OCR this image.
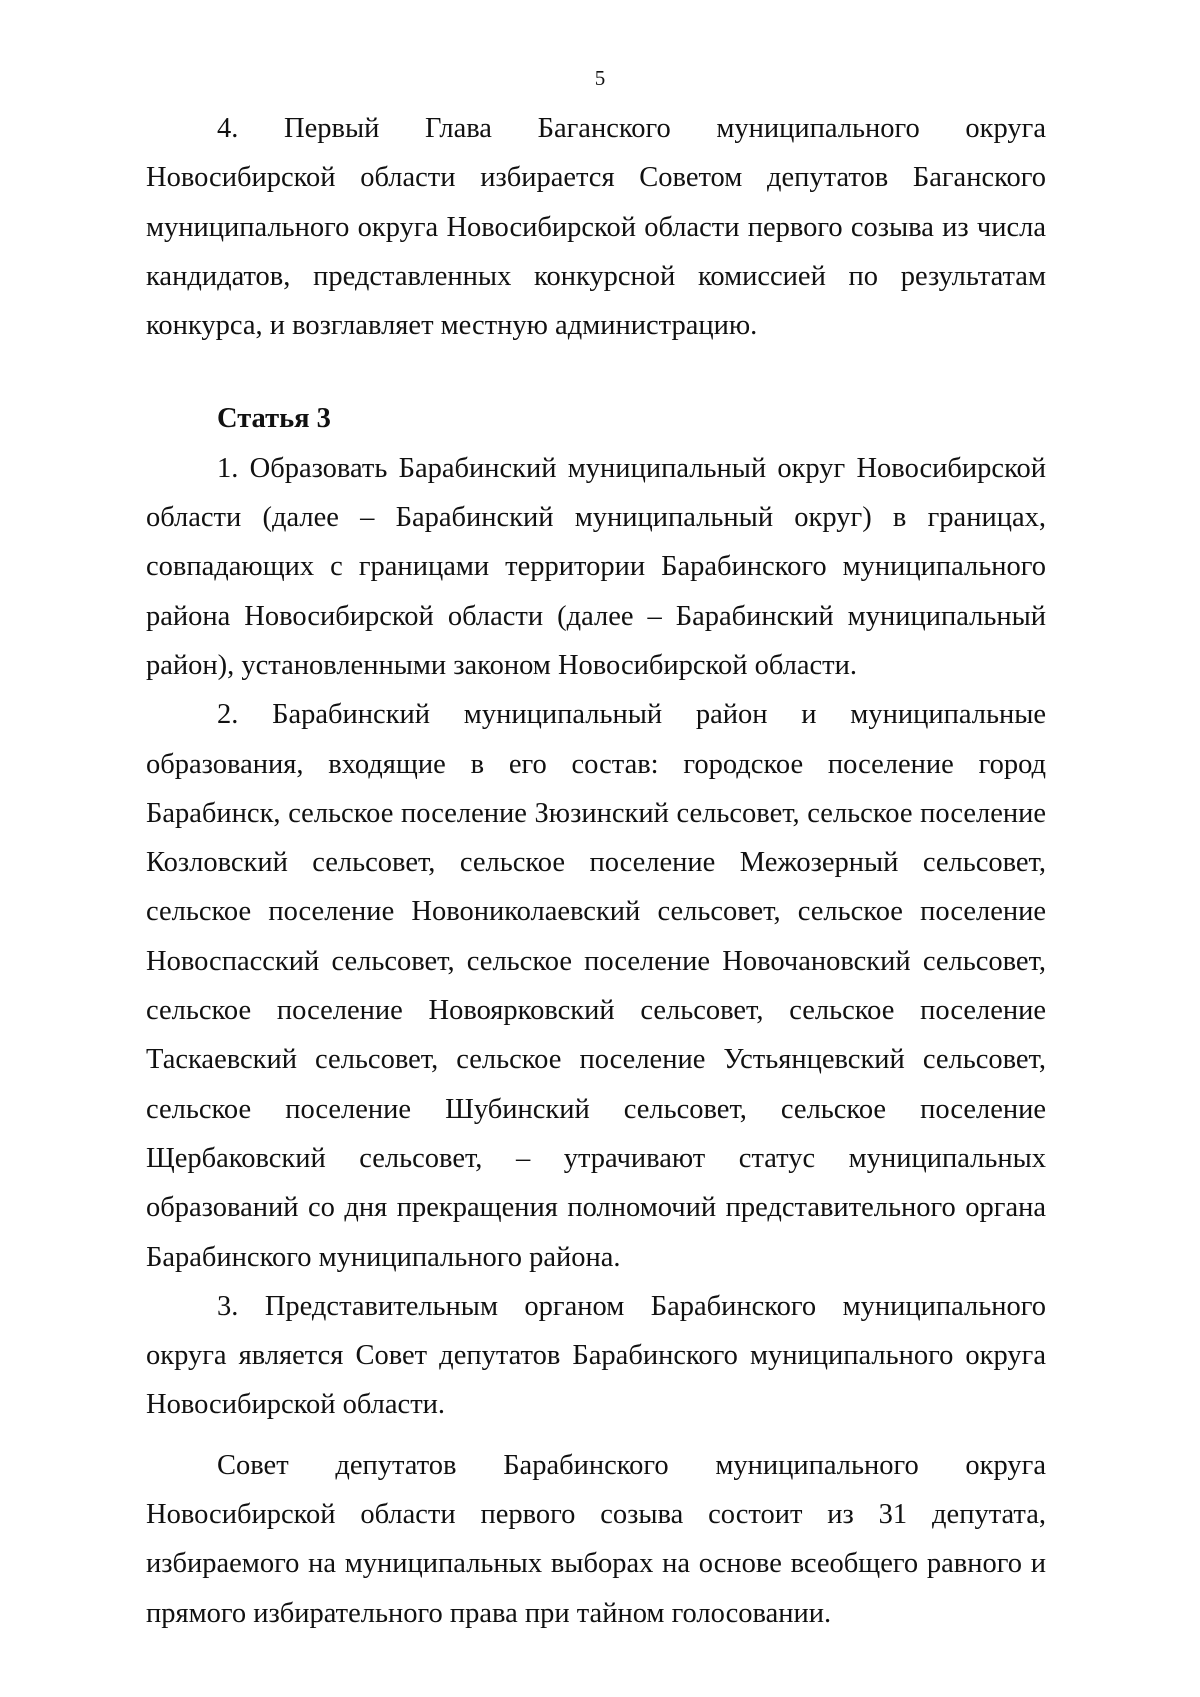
5

4. Первый Глава Баганского муниципального округа Новосибирской области избирается Советом депутатов Баганского муниципального округа Новосибирской области первого созыва из числа кандидатов, представленных конкурсной комиссией по результатам конкурса, и возглавляет местную администрацию.

Статья 3

1. Образовать Барабинский муниципальный округ Новосибирской области (далее – Барабинский муниципальный округ) в границах, совпадающих с границами территории Барабинского муниципального района Новосибирской области (далее – Барабинский муниципальный район), установленными законом Новосибирской области.

2. Барабинский муниципальный район и муниципальные образования, входящие в его состав: городское поселение город Барабинск, сельское поселение Зюзинский сельсовет, сельское поселение Козловский сельсовет, сельское поселение Межозерный сельсовет, сельское поселение Новониколаевский сельсовет, сельское поселение Новоспасский сельсовет, сельское поселение Новочановский сельсовет, сельское поселение Новоярковский сельсовет, сельское поселение Таскаевский сельсовет, сельское поселение Устьянцевский сельсовет, сельское поселение Шубинский сельсовет, сельское поселение Щербаковский сельсовет, – утрачивают статус муниципальных образований со дня прекращения полномочий представительного органа Барабинского муниципального района.

3. Представительным органом Барабинского муниципального округа является Совет депутатов Барабинского муниципального округа Новосибирской области.

Совет депутатов Барабинского муниципального округа Новосибирской области первого созыва состоит из 31 депутата, избираемого на муниципальных выборах на основе всеобщего равного и прямого избирательного права при тайном голосовании.
